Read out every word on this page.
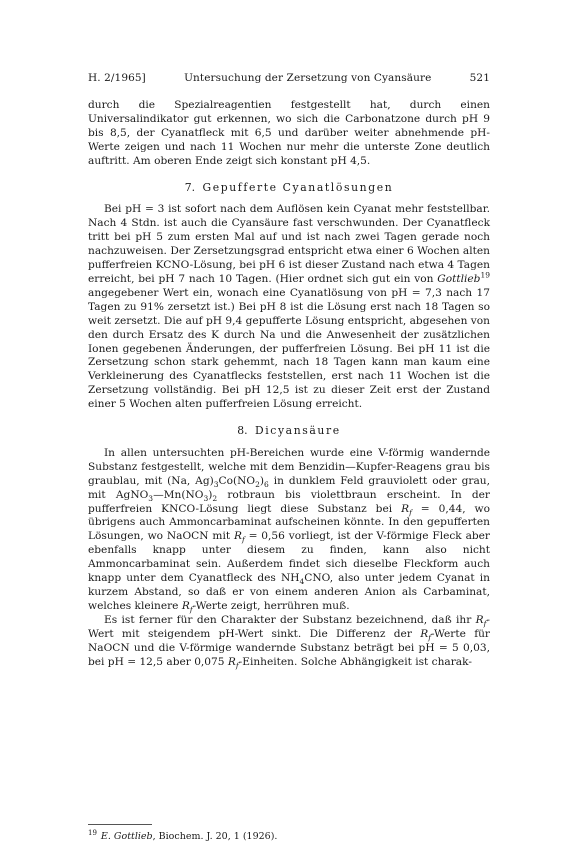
H. 2/1965]	Untersuchung der Zersetzung von Cyansäure	521

durch die Spezialreagentien festgestellt hat, durch einen Universalindikator gut erkennen, wo sich die Carbonatzone durch pH 9 bis 8,5, der Cyanatfleck mit 6,5 und darüber weiter abnehmende pH-Werte zeigen und nach 11 Wochen nur mehr die unterste Zone deutlich auftritt. Am oberen Ende zeigt sich konstant pH 4,5.

7. Gepufferte Cyanatlösungen

Bei pH = 3 ist sofort nach dem Auflösen kein Cyanat mehr feststellbar. Nach 4 Stdn. ist auch die Cyansäure fast verschwunden. Der Cyanatfleck tritt bei pH 5 zum ersten Mal auf und ist nach zwei Tagen gerade noch nachzuweisen. Der Zersetzungsgrad entspricht etwa einer 6 Wochen alten pufferfreien KCNO-Lösung, bei pH 6 ist dieser Zustand nach etwa 4 Tagen erreicht, bei pH 7 nach 10 Tagen. (Hier ordnet sich gut ein von Gottlieb$^{19}$ angegebener Wert ein, wonach eine Cyanatlösung von pH = 7,3 nach 17 Tagen zu 91% zersetzt ist.) Bei pH 8 ist die Lösung erst nach 18 Tagen so weit zersetzt. Die auf pH 9,4 gepufferte Lösung entspricht, abgesehen von den durch Ersatz des K durch Na und die Anwesenheit der zusätzlichen Ionen gegebenen Änderungen, der pufferfreien Lösung. Bei pH 11 ist die Zersetzung schon stark gehemmt, nach 18 Tagen kann man kaum eine Verkleinerung des Cyanatflecks feststellen, erst nach 11 Wochen ist die Zersetzung vollständig. Bei pH 12,5 ist zu dieser Zeit erst der Zustand einer 5 Wochen alten pufferfreien Lösung erreicht.

8. Dicyansäure

In allen untersuchten pH-Bereichen wurde eine V-förmig wandernde Substanz festgestellt, welche mit dem Benzidin—Kupfer-Reagens grau bis graublau, mit (Na, $Ag)_3Co(NO_2)_6$ in dunklem Feld grauviolett oder grau, mit $AgNO_3—Mn(NO_3)_2$ rotbraun bis violettbraun erscheint. In der pufferfreien KNCO-Lösung liegt diese Substanz bei $R_f = 0,44$, wo übrigens auch Ammoncarbaminat aufscheinen könnte. In den gepufferten Lösungen, wo NaOCN mit $R_f = 0,56$ vorliegt, ist der V-förmige Fleck aber ebenfalls knapp unter diesem zu finden, kann also nicht Ammoncarbaminat sein. Außerdem findet sich dieselbe Fleckform auch knapp unter dem Cyanatfleck des $NH_4CNO$, also unter jedem Cyanat in kurzem Abstand, so daß er von einem anderen Anion als Carbaminat, welches kleinere $R_f$-Werte zeigt, herrühren muß.

Es ist ferner für den Charakter der Substanz bezeichnend, daß ihr $R_f$-Wert mit steigendem pH-Wert sinkt. Die Differenz der $R_f$-Werte für NaOCN und die V-förmige wandernde Substanz beträgt bei pH = 5 0,03, bei pH = 12,5 aber 0,075 $R_f$-Einheiten. Solche Abhängigkeit ist charak-

$^{19}$ E. Gottlieb, Biochem. J. 20, 1 (1926).
